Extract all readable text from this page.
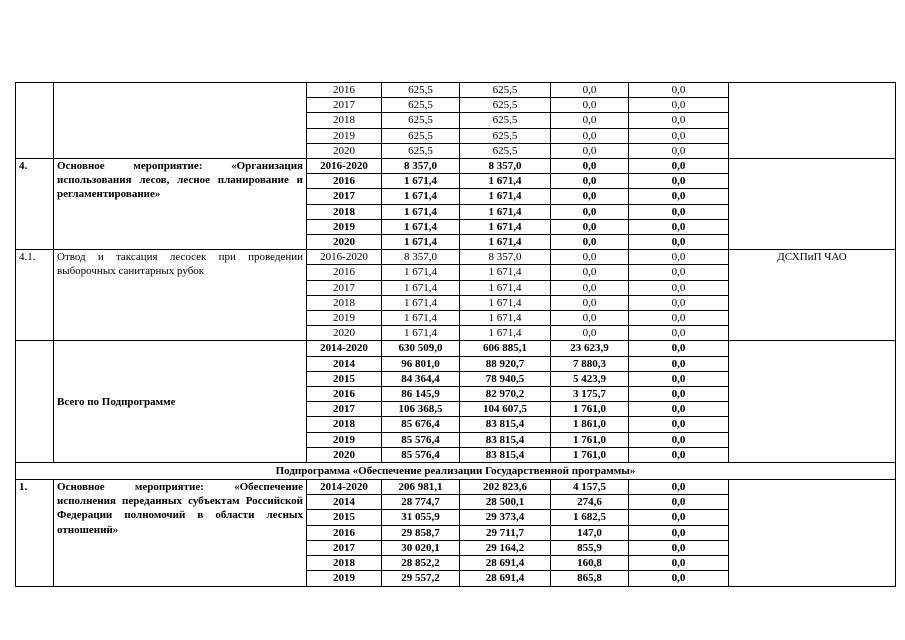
		2016	625,5	625,5	0,0	0,0	
		2017	625,5	625,5	0,0	0,0	
		2018	625,5	625,5	0,0	0,0	
		2019	625,5	625,5	0,0	0,0	
		2020	625,5	625,5	0,0	0,0	
4.	Основное мероприятие: «Организация использования лесов, лесное планирование и регламентирование»	2016-2020	8 357,0	8 357,0	0,0	0,0	
		2016	1 671,4	1 671,4	0,0	0,0	
		2017	1 671,4	1 671,4	0,0	0,0	
		2018	1 671,4	1 671,4	0,0	0,0	
		2019	1 671,4	1 671,4	0,0	0,0	
		2020	1 671,4	1 671,4	0,0	0,0	
4.1.	Отвод и таксация лесосек при проведении выборочных санитарных рубок	2016-2020	8 357,0	8 357,0	0,0	0,0	ДСХПиП ЧАО
		2016	1 671,4	1 671,4	0,0	0,0	
		2017	1 671,4	1 671,4	0,0	0,0	
		2018	1 671,4	1 671,4	0,0	0,0	
		2019	1 671,4	1 671,4	0,0	0,0	
		2020	1 671,4	1 671,4	0,0	0,0	
	Всего по Подпрограмме	2014-2020	630 509,0	606 885,1	23 623,9	0,0	
		2014	96 801,0	88 920,7	7 880,3	0,0	
		2015	84 364,4	78 940,5	5 423,9	0,0	
		2016	86 145,9	82 970,2	3 175,7	0,0	
		2017	106 368,5	104 607,5	1 761,0	0,0	
		2018	85 676,4	83 815,4	1 861,0	0,0	
		2019	85 576,4	83 815,4	1 761,0	0,0	
		2020	85 576,4	83 815,4	1 761,0	0,0	
Подпрограмма «Обеспечение реализации Государственной программы»							
1.	Основное мероприятие: «Обеспечение исполнения переданных субъектам Российской Федерации полномочий в области лесных отношений»	2014-2020	206 981,1	202 823,6	4 157,5	0,0	
		2014	28 774,7	28 500,1	274,6	0,0	
		2015	31 055,9	29 373,4	1 682,5	0,0	
		2016	29 858,7	29 711,7	147,0	0,0	
		2017	30 020,1	29 164,2	855,9	0,0	
		2018	28 852,2	28 691,4	160,8	0,0	
		2019	29 557,2	28 691,4	865,8	0,0	
